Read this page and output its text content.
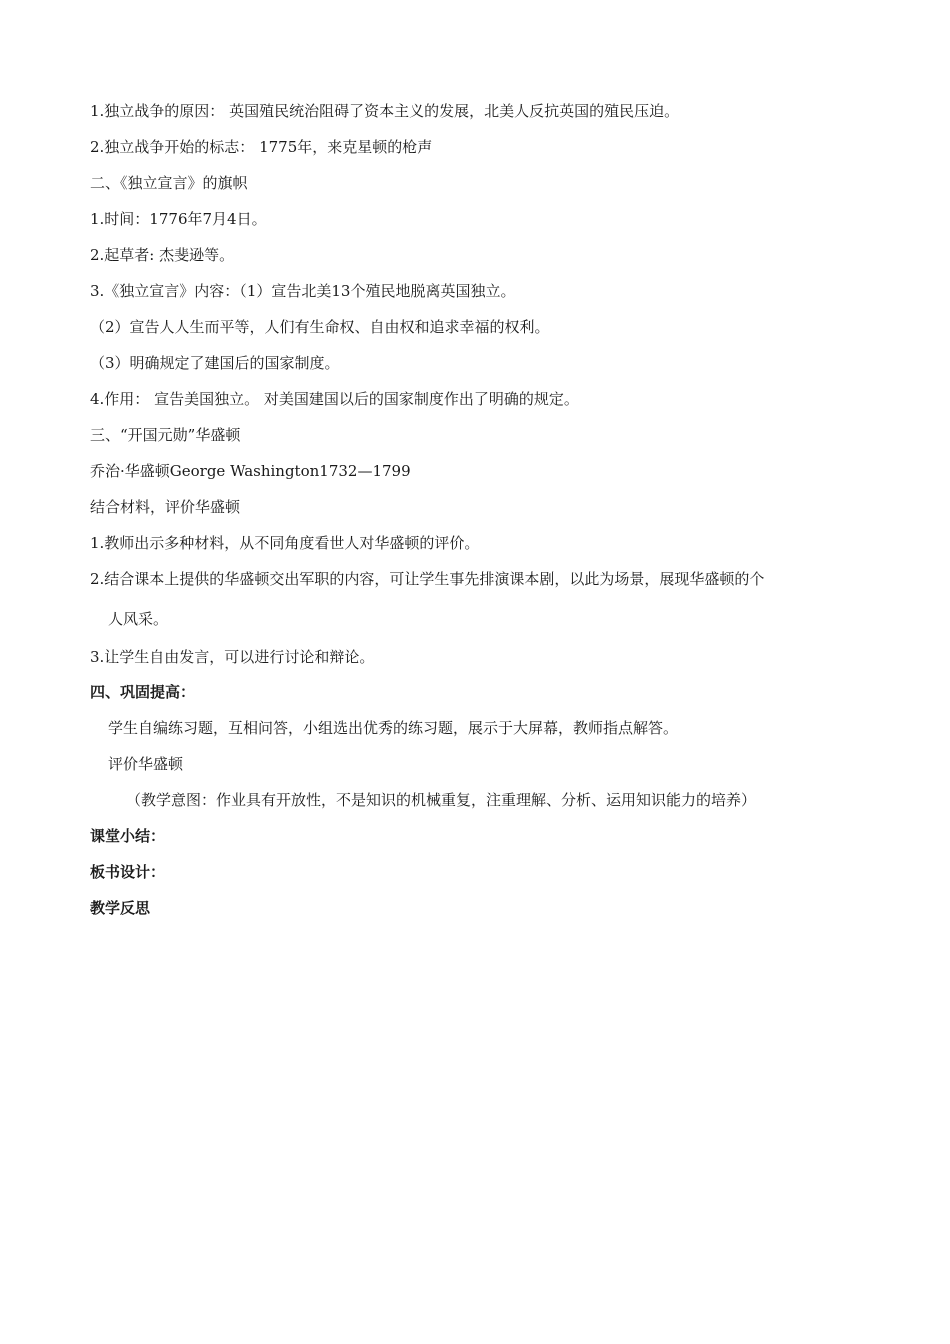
1.独立战争的原因： 英国殖民统治阻碍了资本主义的发展，北美人反抗英国的殖民压迫。
2.独立战争开始的标志： 1775年，来克星顿的枪声
二、《独立宣言》的旗帜
1.时间：1776年7月4日。
2.起草者: 杰斐逊等。
3.《独立宣言》内容：（1）宣告北美13个殖民地脱离英国独立。
（2）宣告人人生而平等，人们有生命权、自由权和追求幸福的权利。
（3）明确规定了建国后的国家制度。
4.作用： 宣告美国独立。 对美国建国以后的国家制度作出了明确的规定。
三、“开国元勋”华盛顿
乔治·华盛顿George Washington1732—1799
结合材料，评价华盛顿
1.教师出示多种材料，从不同角度看世人对华盛顿的评价。
2.结合课本上提供的华盛顿交出军职的内容，可让学生事先排演课本剧，以此为场景，展现华盛顿的个
人风采。
3.让学生自由发言，可以进行讨论和辩论。
四、巩固提高：
学生自编练习题，互相问答，小组选出优秀的练习题，展示于大屏幕，教师指点解答。
评价华盛顿
（教学意图：作业具有开放性，不是知识的机械重复，注重理解、分析、运用知识能力的培养）
课堂小结：
板书设计：
教学反思
